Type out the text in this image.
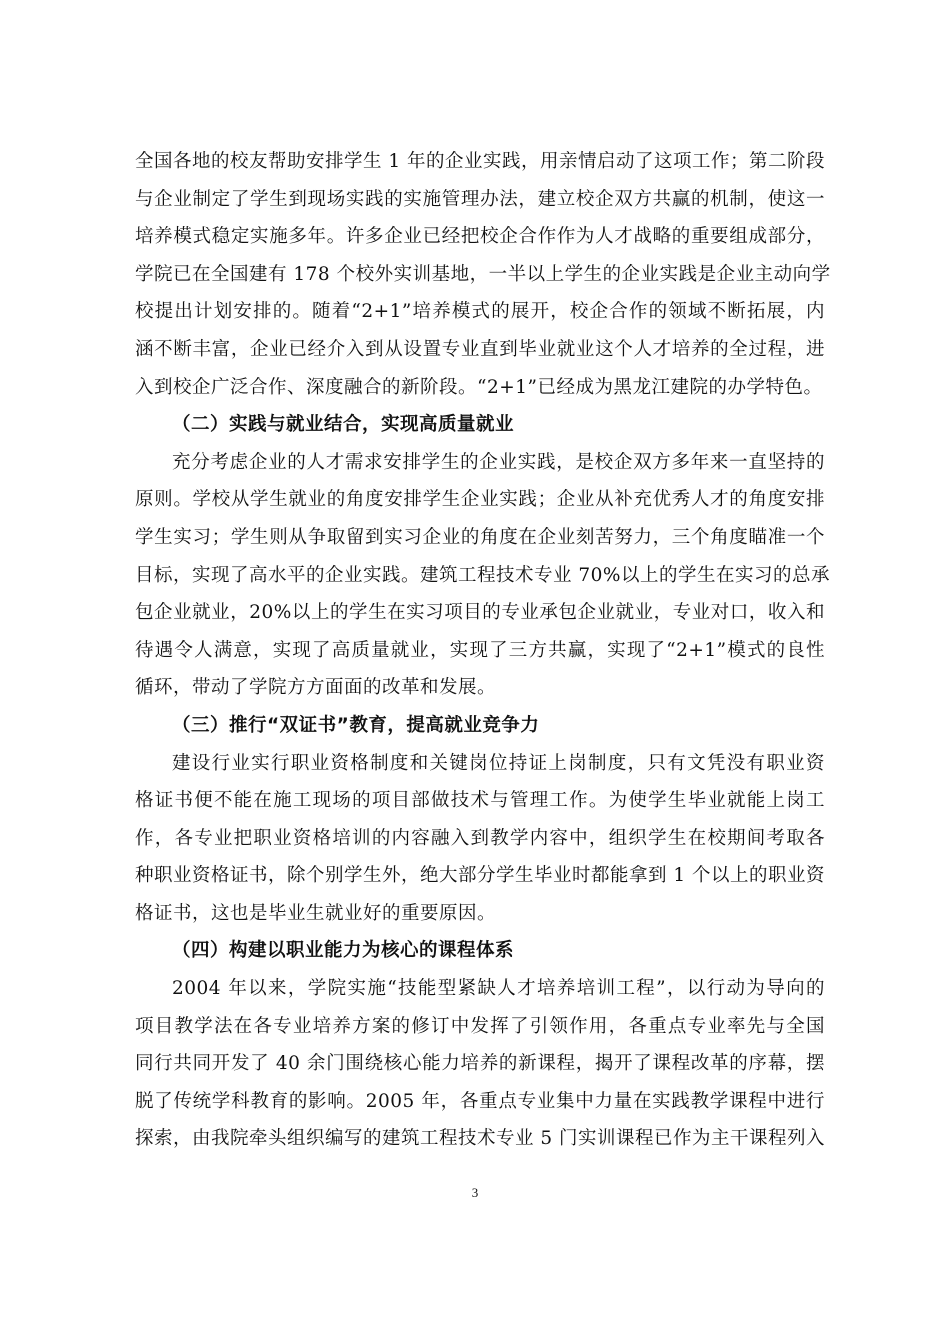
全国各地的校友帮助安排学生 1 年的企业实践，用亲情启动了这项工作；第二阶段
与企业制定了学生到现场实践的实施管理办法，建立校企双方共赢的机制，使这一
培养模式稳定实施多年。许多企业已经把校企合作作为人才战略的重要组成部分，
学院已在全国建有 178 个校外实训基地，一半以上学生的企业实践是企业主动向学
校提出计划安排的。随着“2+1”培养模式的展开，校企合作的领域不断拓展，内
涵不断丰富，企业已经介入到从设置专业直到毕业就业这个人才培养的全过程，进
入到校企广泛合作、深度融合的新阶段。“2+1”已经成为黑龙江建院的办学特色。
（二）实践与就业结合，实现高质量就业
充分考虑企业的人才需求安排学生的企业实践，是校企双方多年来一直坚持的
原则。学校从学生就业的角度安排学生企业实践；企业从补充优秀人才的角度安排
学生实习；学生则从争取留到实习企业的角度在企业刻苦努力，三个角度瞄准一个
目标，实现了高水平的企业实践。建筑工程技术专业 70%以上的学生在实习的总承
包企业就业，20%以上的学生在实习项目的专业承包企业就业，专业对口，收入和
待遇令人满意，实现了高质量就业，实现了三方共赢，实现了“2+1”模式的良性
循环，带动了学院方方面面的改革和发展。
（三）推行“双证书”教育，提高就业竞争力
建设行业实行职业资格制度和关键岗位持证上岗制度，只有文凭没有职业资
格证书便不能在施工现场的项目部做技术与管理工作。为使学生毕业就能上岗工
作，各专业把职业资格培训的内容融入到教学内容中，组织学生在校期间考取各
种职业资格证书，除个别学生外，绝大部分学生毕业时都能拿到 1 个以上的职业资
格证书，这也是毕业生就业好的重要原因。
（四）构建以职业能力为核心的课程体系
2004 年以来，学院实施“技能型紧缺人才培养培训工程”，以行动为导向的
项目教学法在各专业培养方案的修订中发挥了引领作用，各重点专业率先与全国
同行共同开发了 40 余门围绕核心能力培养的新课程，揭开了课程改革的序幕，摆
脱了传统学科教育的影响。2005 年，各重点专业集中力量在实践教学课程中进行
探索，由我院牵头组织编写的建筑工程技术专业 5 门实训课程已作为主干课程列入
3
